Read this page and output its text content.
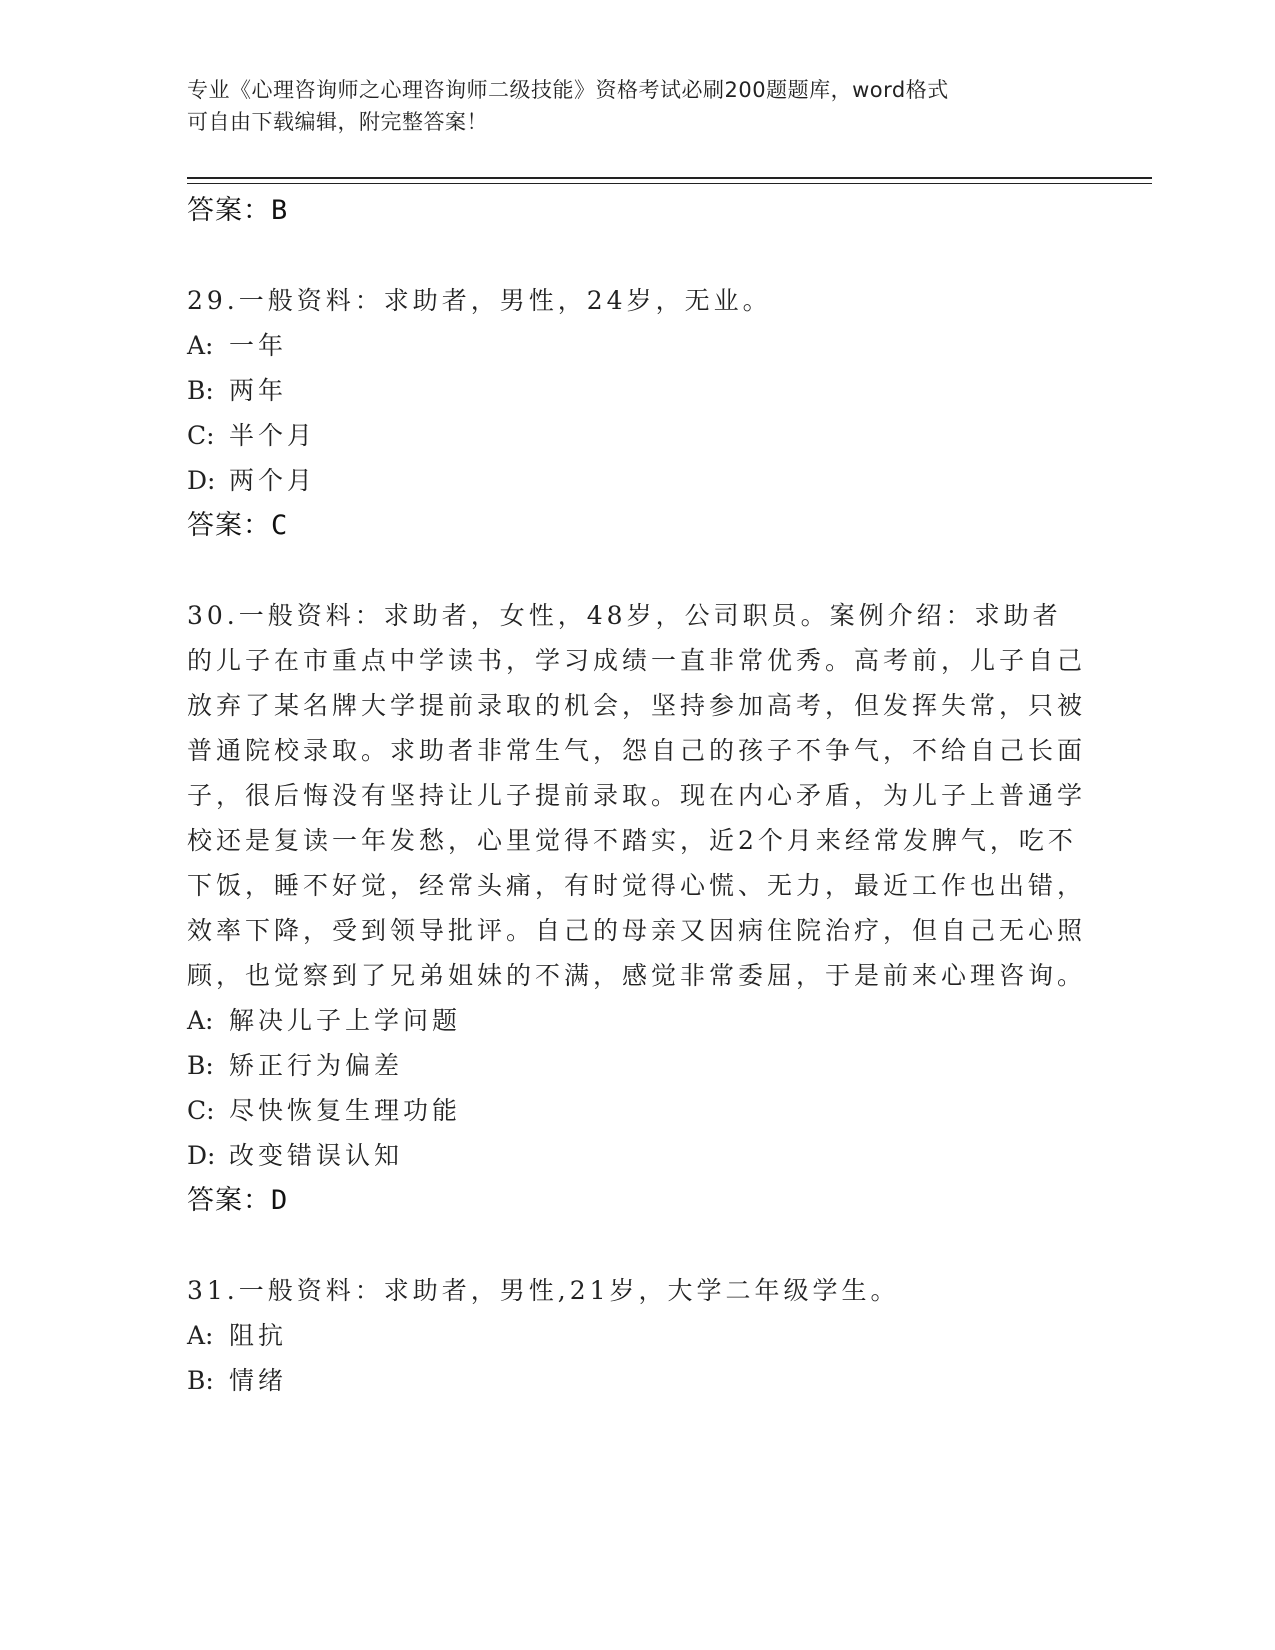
专业《心理咨询师之心理咨询师二级技能》资格考试必刷200题题库，word格式
可自由下载编辑，附完整答案！
答案：B
29.一般资料：求助者，男性，24岁，无业。
A: 一年
B: 两年
C: 半个月
D: 两个月
答案：C
30.一般资料：求助者，女性，48岁，公司职员。案例介绍：求助者的儿子在市重点中学读书，学习成绩一直非常优秀。高考前，儿子自己放弃了某名牌大学提前录取的机会，坚持参加高考，但发挥失常，只被普通院校录取。求助者非常生气，怨自己的孩子不争气，不给自己长面子，很后悔没有坚持让儿子提前录取。现在内心矛盾，为儿子上普通学校还是复读一年发愁，心里觉得不踏实，近2个月来经常发脾气，吃不下饭，睡不好觉，经常头痛，有时觉得心慌、无力，最近工作也出错，效率下降，受到领导批评。自己的母亲又因病住院治疗，但自己无心照顾，也觉察到了兄弟姐妹的不满，感觉非常委屈，于是前来心理咨询。
A: 解决儿子上学问题
B: 矫正行为偏差
C: 尽快恢复生理功能
D: 改变错误认知
答案：D
31.一般资料：求助者，男性,21岁，大学二年级学生。
A: 阻抗
B: 情绪
